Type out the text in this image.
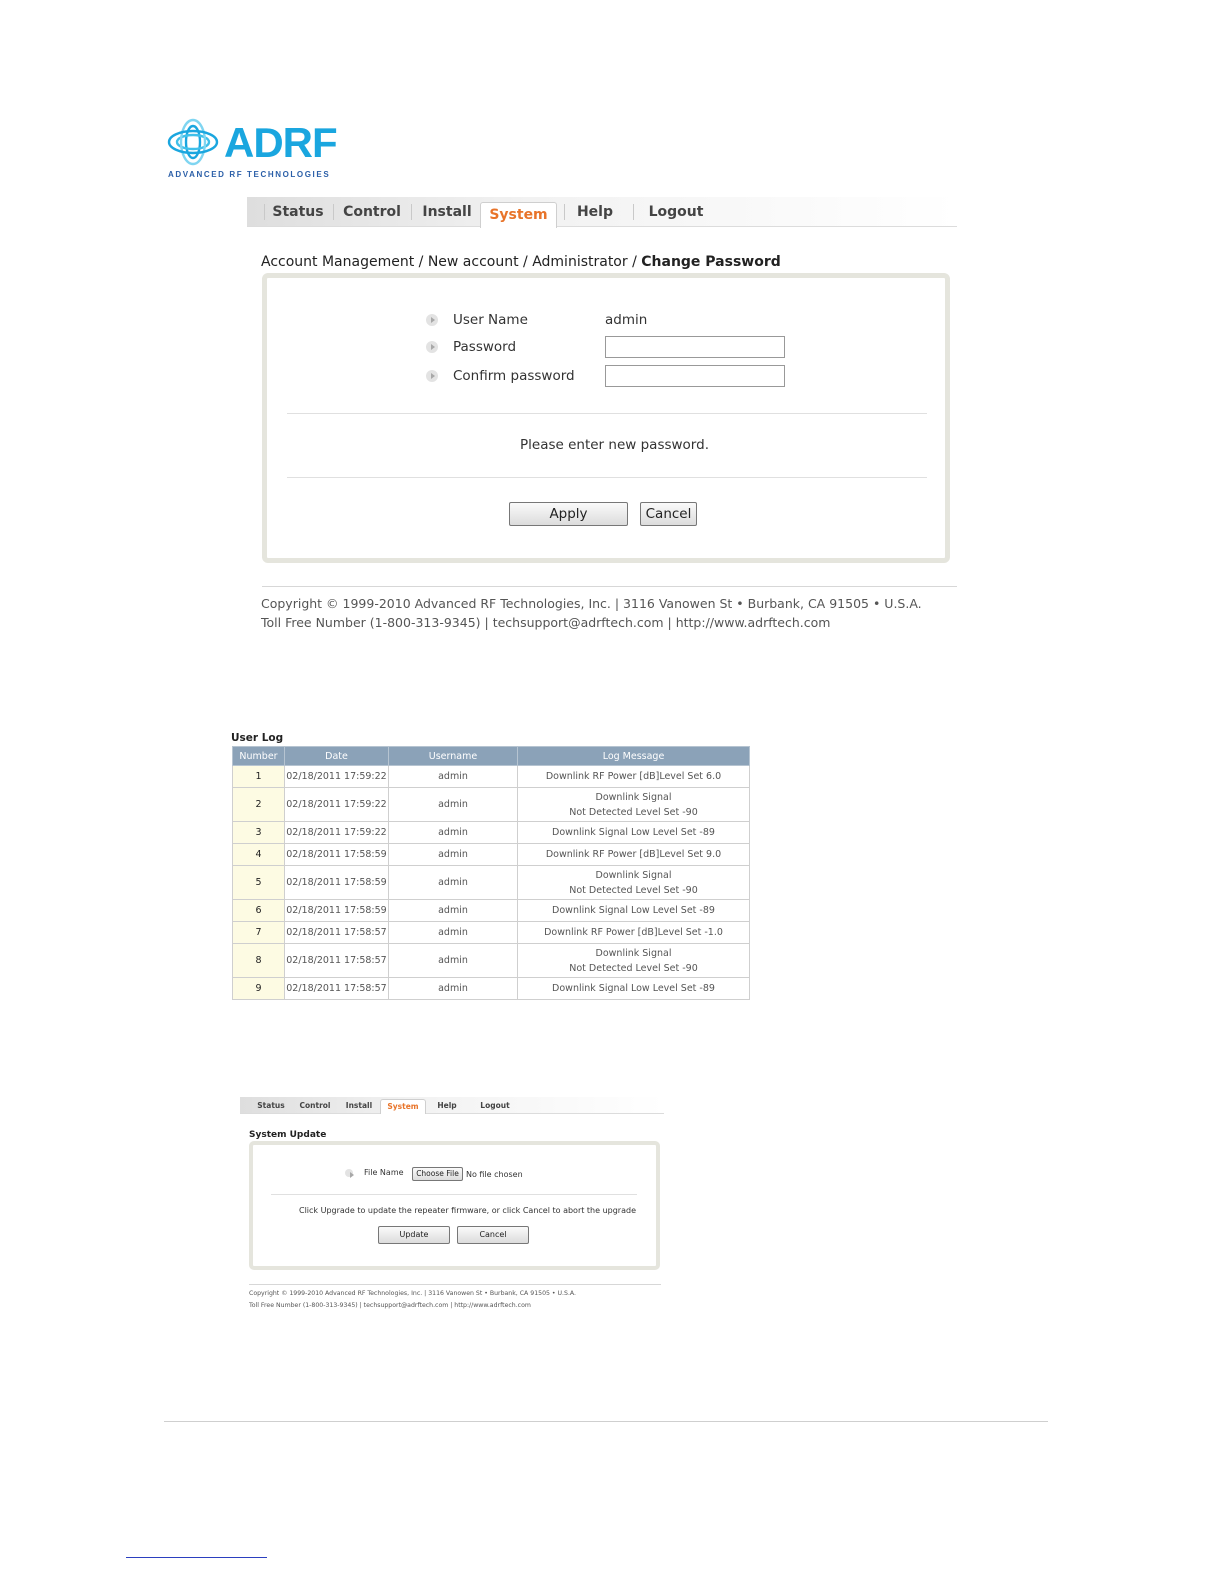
ADRF
ADVANCED RF TECHNOLOGIES
Status Control Install	System	Help	Logout
Account Management / New account / Administrator / Change Password
User Name	admin
Password
Confirm password
Please enter new password.
Apply	Cancel
Copyright © 1999-2010 Advanced RF Technologies, Inc. | 3116 Vanowen St • Burbank, CA 91505 • U.S.A.
Toll Free Number (1-800-313-9345) | techsupport@adrftech.com | http://www.adrftech.com
User Log
Number	Date	Username	Log Message
1	02/18/2011 17:59:22	admin	Downlink RF Power [dB]Level Set 6.0

2	02/18/2011 17:59:22	admin	Downlink Signal
Not Detected Level Set -90

3	02/18/2011 17:59:22	admin	Downlink Signal Low Level Set -89

4	02/18/2011 17:58:59	admin	Downlink RF Power [dB]Level Set 9.0

5	02/18/2011 17:58:59	admin	Downlink Signal
Not Detected Level Set -90

6	02/18/2011 17:58:59	admin	Downlink Signal Low Level Set -89

7	02/18/2011 17:58:57	admin	Downlink RF Power [dB]Level Set -1.0

8	02/18/2011 17:58:57	admin	Downlink Signal
Not Detected Level Set -90

9	02/18/2011 17:58:57	admin	Downlink Signal Low Level Set -89
Status	Control	Install	System	Help	Logout
System Update
File Name	Choose File No file chosen
Click Upgrade to update the repeater firmware, or click Cancel to abort the upgrade
Update	Cancel
Copyright © 1999-2010 Advanced RF Technologies, Inc. | 3116 Vanowen St • Burbank, CA 91505 • U.S.A.
Toll Free Number (1-800-313-9345) | techsupport@adrftech.com | http://www.adrftech.com
